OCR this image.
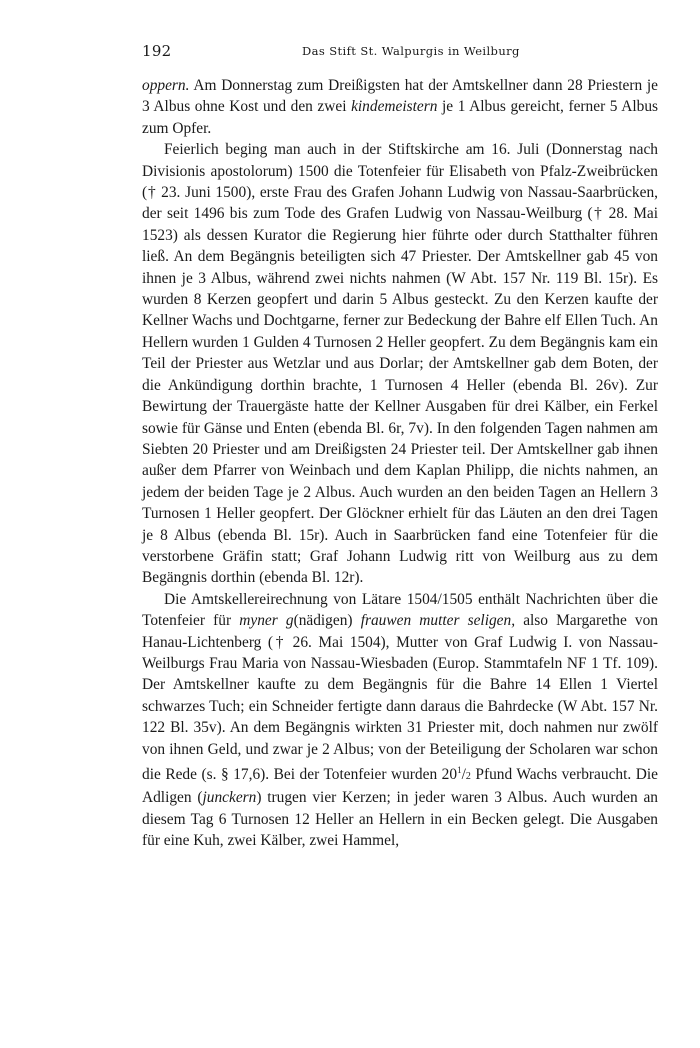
192	Das Stift St. Walpurgis in Weilburg

oppern. Am Donnerstag zum Dreißigsten hat der Amtskellner dann 28 Priestern je 3 Albus ohne Kost und den zwei kindemeistern je 1 Albus gereicht, ferner 5 Albus zum Opfer.

Feierlich beging man auch in der Stiftskirche am 16. Juli (Donnerstag nach Divisionis apostolorum) 1500 die Totenfeier für Elisabeth von Pfalz-Zweibrücken († 23. Juni 1500), erste Frau des Grafen Johann Ludwig von Nassau-Saarbrücken, der seit 1496 bis zum Tode des Grafen Ludwig von Nassau-Weilburg († 28. Mai 1523) als dessen Kurator die Regierung hier führte oder durch Statthalter führen ließ. An dem Begängnis beteiligten sich 47 Priester. Der Amtskellner gab 45 von ihnen je 3 Albus, während zwei nichts nahmen (W Abt. 157 Nr. 119 Bl. 15r). Es wurden 8 Kerzen geopfert und darin 5 Albus gesteckt. Zu den Kerzen kaufte der Kellner Wachs und Dochtgarne, ferner zur Bedeckung der Bahre elf Ellen Tuch. An Hellern wurden 1 Gulden 4 Turnosen 2 Heller geopfert. Zu dem Begängnis kam ein Teil der Priester aus Wetzlar und aus Dorlar; der Amtskellner gab dem Boten, der die Ankündigung dorthin brachte, 1 Turnosen 4 Heller (ebenda Bl. 26v). Zur Bewirtung der Trauergäste hatte der Kellner Ausgaben für drei Kälber, ein Ferkel sowie für Gänse und Enten (ebenda Bl. 6r, 7v). In den folgenden Tagen nahmen am Siebten 20 Priester und am Dreißigsten 24 Priester teil. Der Amtskellner gab ihnen außer dem Pfarrer von Weinbach und dem Kaplan Philipp, die nichts nahmen, an jedem der beiden Tage je 2 Albus. Auch wurden an den beiden Tagen an Hellern 3 Turnosen 1 Heller geopfert. Der Glöckner erhielt für das Läuten an den drei Tagen je 8 Albus (ebenda Bl. 15r). Auch in Saarbrücken fand eine Totenfeier für die verstorbene Gräfin statt; Graf Johann Ludwig ritt von Weilburg aus zu dem Begängnis dorthin (ebenda Bl. 12r).

Die Amtskellereirechnung von Lätare 1504/1505 enthält Nachrichten über die Totenfeier für myner g(nädigen) frauwen mutter seligen, also Margarethe von Hanau-Lichtenberg († 26. Mai 1504), Mutter von Graf Ludwig I. von Nassau-Weilburgs Frau Maria von Nassau-Wiesbaden (Europ. Stammtafeln NF 1 Tf. 109). Der Amtskellner kaufte zu dem Begängnis für die Bahre 14 Ellen 1 Viertel schwarzes Tuch; ein Schneider fertigte dann daraus die Bahrdecke (W Abt. 157 Nr. 122 Bl. 35v). An dem Begängnis wirkten 31 Priester mit, doch nahmen nur zwölf von ihnen Geld, und zwar je 2 Albus; von der Beteiligung der Scholaren war schon die Rede (s. § 17,6). Bei der Totenfeier wurden $20^1/2$ Pfund Wachs verbraucht. Die Adligen (junckern) trugen vier Kerzen; in jeder waren 3 Albus. Auch wurden an diesem Tag 6 Turnosen 12 Heller an Hellern in ein Becken gelegt. Die Ausgaben für eine Kuh, zwei Kälber, zwei Hammel,
